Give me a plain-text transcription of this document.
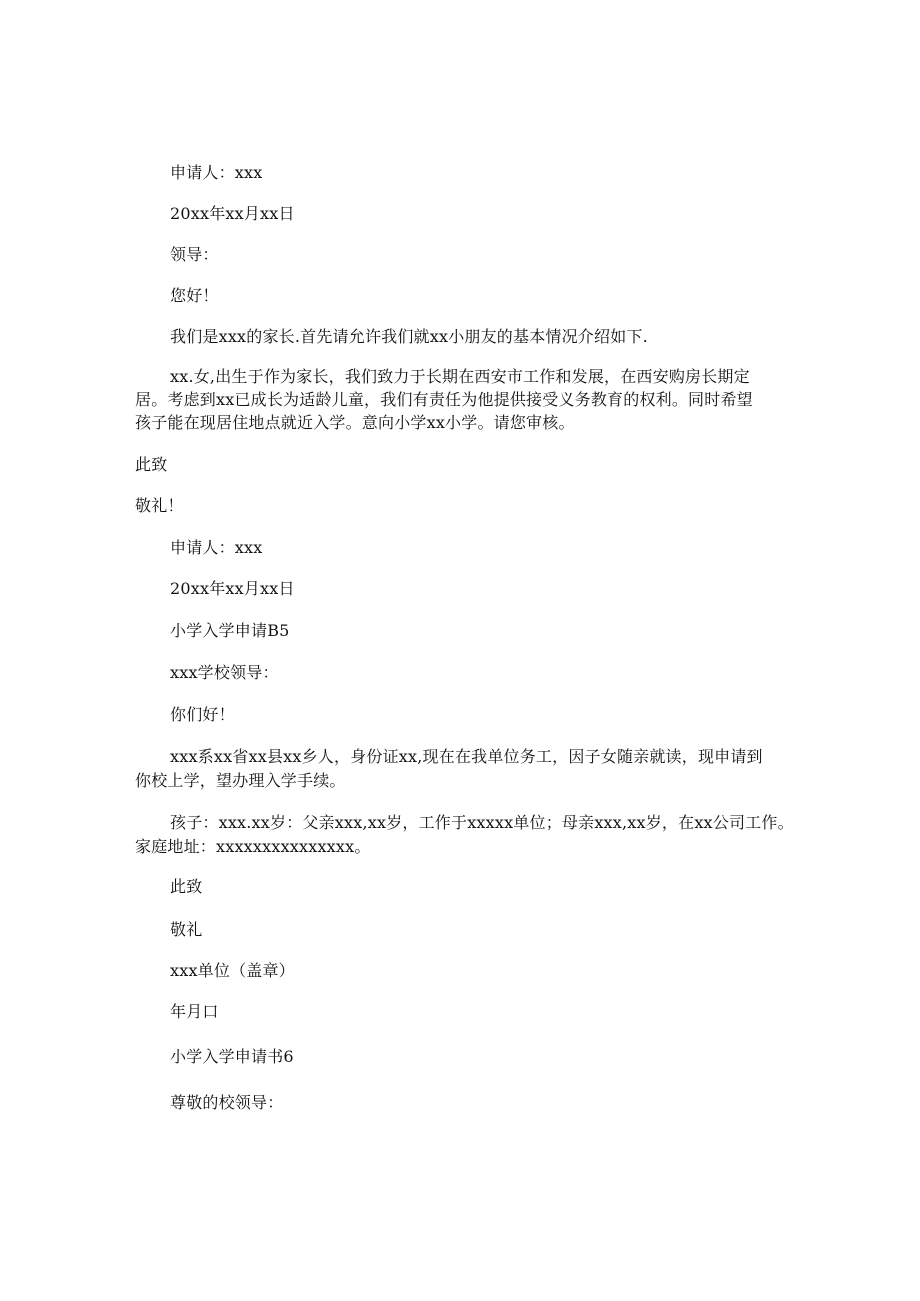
申请人：xxx
20xx年xx月xx日
领导：
您好！
我们是xxx的家长.首先请允许我们就xx小朋友的基本情况介绍如下.
xx.女,出生于作为家长，我们致力于长期在西安市工作和发展，在西安购房长期定
居。考虑到xx已成长为适龄儿童，我们有责任为他提供接受义务教育的权利。同时希望
孩子能在现居住地点就近入学。意向小学xx小学。请您审核。
此致
敬礼！
申请人：xxx
20xx年xx月xx日
小学入学申请B5
xxx学校领导：
你们好！
xxx系xx省xx县xx乡人，身份证xx,现在在我单位务工，因子女随亲就读，现申请到
你校上学，望办理入学手续。
孩子：xxx.xx岁：父亲xxx,xx岁，工作于xxxxx单位；母亲xxx,xx岁，在xx公司工作。
家庭地址：xxxxxxxxxxxxxxx。
此致
敬礼
xxx单位（盖章）
年月口
小学入学申请书6
尊敬的校领导：
